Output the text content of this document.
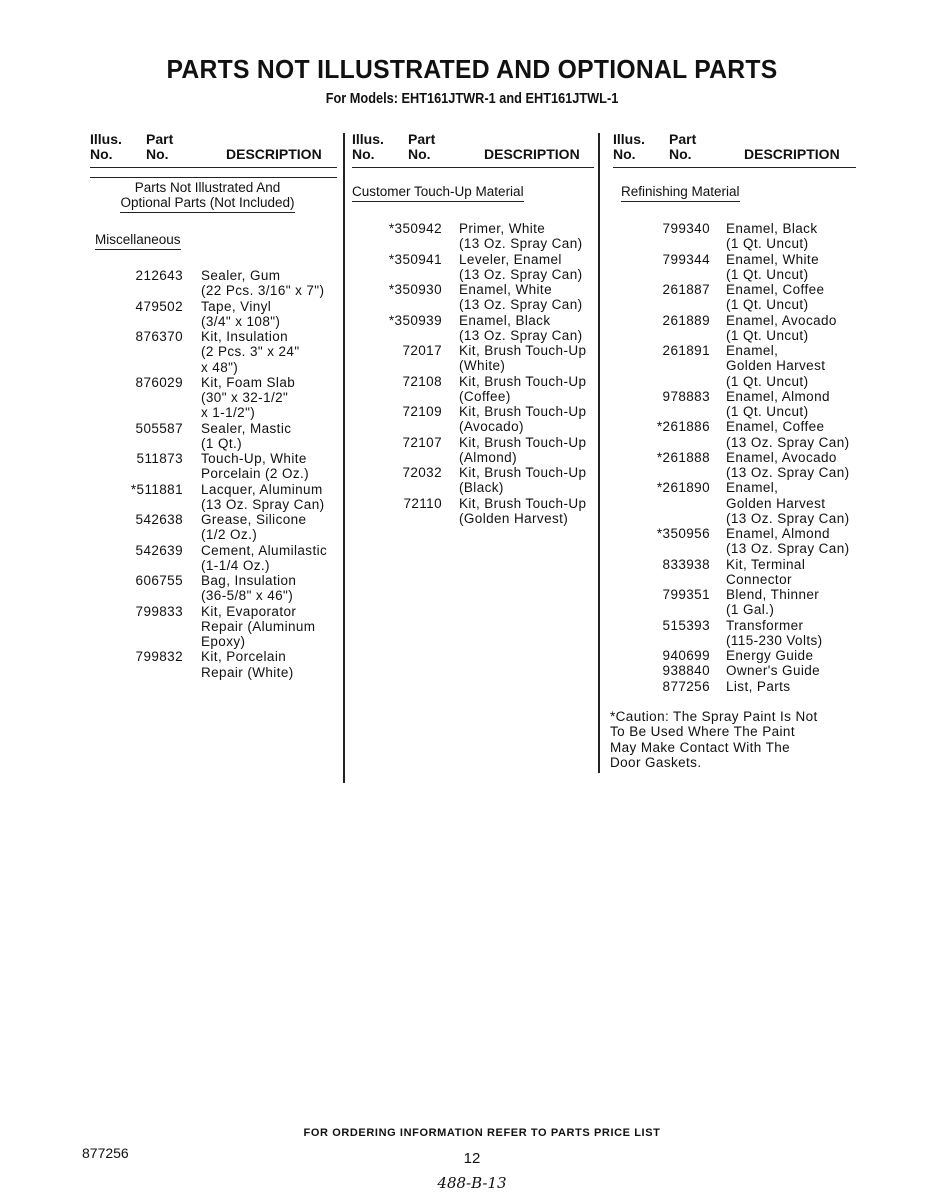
PARTS NOT ILLUSTRATED AND OPTIONAL PARTS
For Models: EHT161JTWR-1 and EHT161JTWL-1
Illus.
No.
Part
No.	DESCRIPTION
Parts Not Illustrated And
Optional Parts (Not Included)
Miscellaneous
212643 Sealer, Gum
(22 Pcs. 3/16" x 7")
479502 Tape, Vinyl
(3/4" x 108")
876370 Kit, Insulation
(2 Pcs. 3" x 24"
x 48")
876029 Kit, Foam Slab
(30" x 32-1/2"
x 1-1/2")
505587 Sealer, Mastic
(1 Qt.)
511873 Touch-Up, White
Porcelain (2 Oz.)
*511881 Lacquer, Aluminum
(13 Oz. Spray Can)
542638 Grease, Silicone
(1/2 Oz.)
542639 Cement, Alumilastic
(1-1/4 Oz.)
606755 Bag, Insulation
(36-5/8" x 46")
799833 Kit, Evaporator
Repair (Aluminum
Epoxy)
799832 Kit, Porcelain
Repair (White)
Illus.
No.
Part
No.	DESCRIPTION
Customer Touch-Up Material
*350942 Primer, White
(13 Oz. Spray Can)
*350941 Leveler, Enamel
(13 Oz. Spray Can)
*350930 Enamel, White
(13 Oz. Spray Can)
*350939 Enamel, Black
(13 Oz. Spray Can)
72017 Kit, Brush Touch-Up
(White)
72108 Kit, Brush Touch-Up
(Coffee)
72109 Kit, Brush Touch-Up
(Avocado)
72107 Kit, Brush Touch-Up
(Almond)
72032 Kit, Brush Touch-Up
(Black)
72110 Kit, Brush Touch-Up
(Golden Harvest)
Illus.
No.
Part
No.	DESCRIPTION
Refinishing Material
799340 Enamel, Black
(1 Qt. Uncut)
799344 Enamel, White
(1 Qt. Uncut)
261887 Enamel, Coffee
(1 Qt. Uncut)
261889 Enamel, Avocado
(1 Qt. Uncut)
261891 Enamel,
Golden Harvest
(1 Qt. Uncut)
978883 Enamel, Almond
(1 Qt. Uncut)
*261886 Enamel, Coffee
(13 Oz. Spray Can)
*261888 Enamel, Avocado
(13 Oz. Spray Can)
*261890 Enamel,
Golden Harvest
(13 Oz. Spray Can)
*350956 Enamel, Almond
(13 Oz. Spray Can)
833938 Kit, Terminal
Connector
799351 Blend, Thinner
(1 Gal.)
515393 Transformer
(115-230 Volts)
940699 Energy Guide
938840 Owner's Guide
877256 List, Parts
*Caution: The Spray Paint Is Not
To Be Used Where The Paint
May Make Contact With The
Door Gaskets.
FOR ORDERING INFORMATION REFER TO PARTS PRICE LIST
877256	12
488-B-13
